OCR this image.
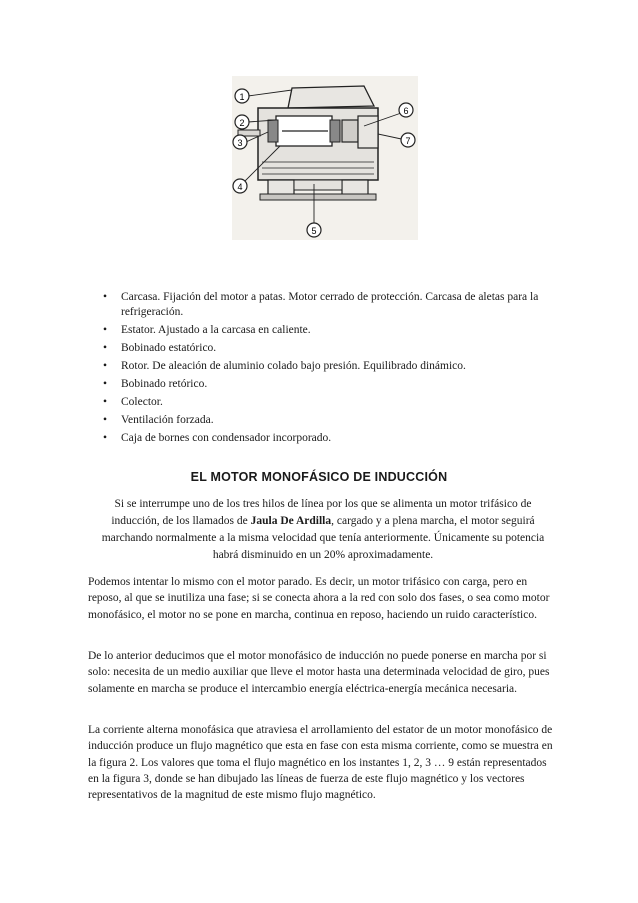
1
2
3
4
5
6
7
• Carcasa. Fijación del motor a patas. Motor cerrado de protección. Carcasa de aletas para la refrigeración.
• Estator. Ajustado a la carcasa en caliente.
• Bobinado estatórico.
• Rotor. De aleación de aluminio colado bajo presión. Equilibrado dinámico.
• Bobinado retórico.
• Colector.
• Ventilación forzada.
• Caja de bornes con condensador incorporado.
EL MOTOR MONOFÁSICO DE INDUCCIÓN

Si se interrumpe uno de los tres hilos de línea por los que se alimenta un motor trifásico de inducción, de los llamados de Jaula De Ardilla, cargado y a plena marcha, el motor seguirá marchando normalmente a la misma velocidad que tenía anteriormente. Únicamente su potencia habrá disminuido en un 20% aproximadamente.

Podemos intentar lo mismo con el motor parado. Es decir, un motor trifásico con carga, pero en reposo, al que se inutiliza una fase; si se conecta ahora a la red con solo dos fases, o sea como motor monofásico, el motor no se pone en marcha, continua en reposo, haciendo un ruido característico.

De lo anterior deducimos que el motor monofásico de inducción no puede ponerse en marcha por si solo: necesita de un medio auxiliar que lleve el motor hasta una determinada velocidad de giro, pues solamente en marcha se produce el intercambio energía eléctrica-energía mecánica necesaria.

La corriente alterna monofásica que atraviesa el arrollamiento del estator de un motor monofásico de inducción produce un flujo magnético que esta en fase con esta misma corriente, como se muestra en la figura 2. Los valores que toma el flujo magnético en los instantes 1, 2, 3 … 9 están representados en la figura 3, donde se han dibujado las líneas de fuerza de este flujo magnético y los vectores representativos de la magnitud de este mismo flujo magnético.
